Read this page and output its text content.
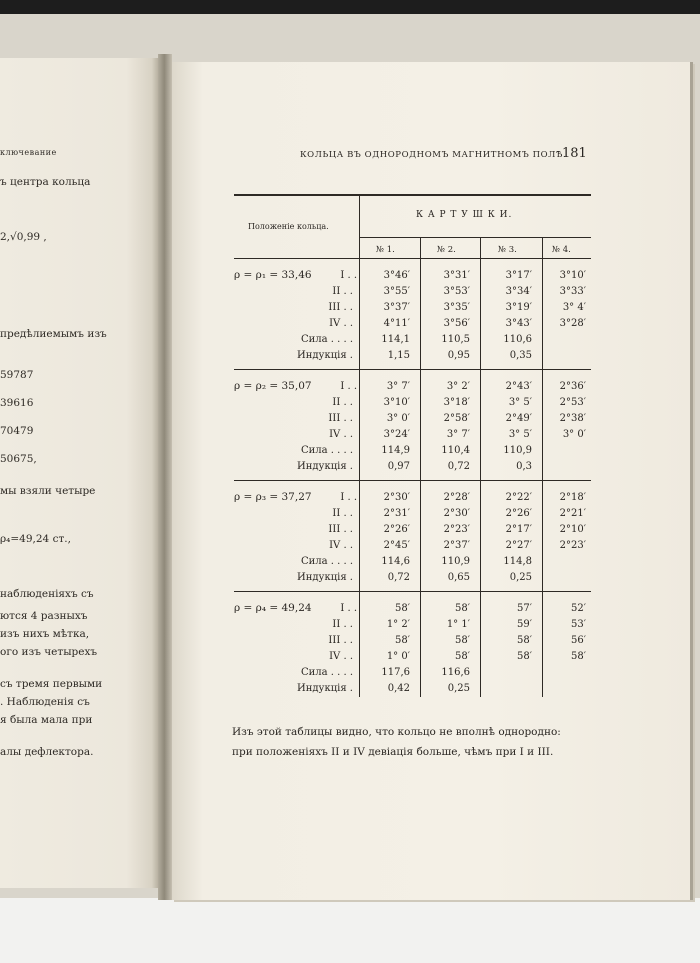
ключевание
ъ центра кольца
2,√0,99 ,
предѣлиемымъ изъ
59787
39616
70479
50675,
мы взяли четыре
ρ₄=49,24 ст.,
наблюденіяхъ съ
ются 4 разныхъ
изъ нихъ мѣтка,
ого изъ четырехъ
съ тремя первыми
. Наблюденія съ
я была мала при
алы дефлектора.
КОЛЬЦА ВЪ ОДНОРОДНОМЪ МАГНИТНОМЪ ПОЛѢ.
181
Положеніе кольца.
К А Р Т У Ш К И.
№ 1.	№ 2.	№ 3.	№ 4.
ρ = ρ₁ = 33,46	I . .	3°46′	3°31′	3°17′	3°10′
II . .	3°55′	3°53′	3°34′	3°33′
III . .	3°37′	3°35′	3°19′	3° 4′
IV . .	4°11′	3°56′	3°43′	3°28′
Сила . . . .	114,1	110,5	110,6
Индукція .	1,15	0,95	0,35
ρ = ρ₂ = 35,07	I . .	3° 7′	3° 2′	2°43′	2°36′
II . .	3°10′	3°18′	3° 5′	2°53′
III . .	3° 0′	2°58′	2°49′	2°38′
IV . .	3°24′	3° 7′	3° 5′	3° 0′
Сила . . . .	114,9	110,4	110,9
Индукція .	0,97	0,72	0,3
ρ = ρ₃ = 37,27	I . .	2°30′	2°28′	2°22′	2°18′
II . .	2°31′	2°30′	2°26′	2°21′
III . .	2°26′	2°23′	2°17′	2°10′
IV . .	2°45′	2°37′	2°27′	2°23′
Сила . . . .	114,6	110,9	114,8
Индукція .	0,72	0,65	0,25
ρ = ρ₄ = 49,24	I . .	58′	58′	57′	52′
II . .	1° 2′	1° 1′	59′	53′
III . .	58′	58′	58′	56′
IV . .	1° 0′	58′	58′	58′
Сила . . . .	117,6	116,6
Индукція .	0,42	0,25
Изъ этой таблицы видно, что кольцо не вполнѣ однородно:
при положеніяхъ II и IV девіація больше, чѣмъ при I и III.
